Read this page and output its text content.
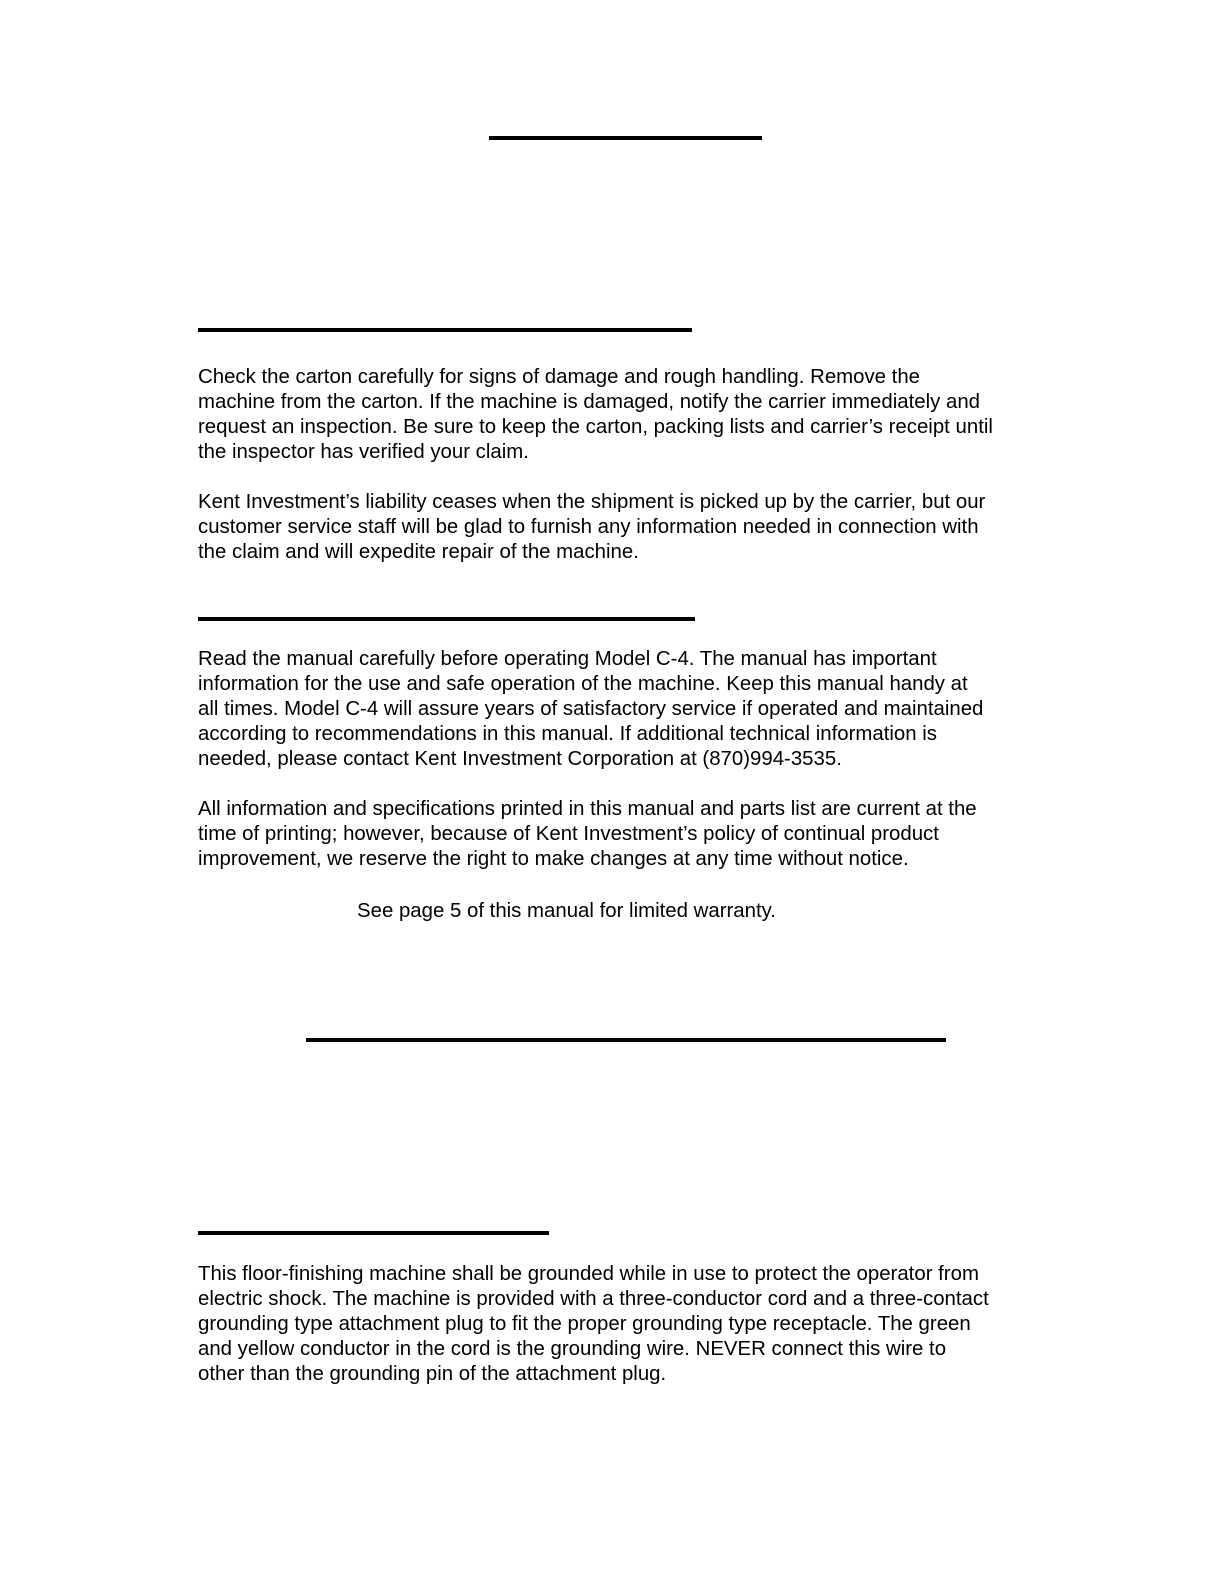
Check the carton carefully for signs of damage and rough handling. Remove the
machine from the carton. If the machine is damaged, notify the carrier immediately and
request an inspection. Be sure to keep the carton, packing lists and carrier’s receipt until
the inspector has verified your claim.

Kent Investment’s liability ceases when the shipment is picked up by the carrier, but our
customer service staff will be glad to furnish any information needed in connection with
the claim and will expedite repair of the machine.

Read the manual carefully before operating Model C-4. The manual has important
information for the use and safe operation of the machine. Keep this manual handy at
all times. Model C-4 will assure years of satisfactory service if operated and maintained
according to recommendations in this manual. If additional technical information is
needed, please contact Kent Investment Corporation at (870)994-3535.

All information and specifications printed in this manual and parts list are current at the
time of printing; however, because of Kent Investment’s policy of continual product
improvement, we reserve the right to make changes at any time without notice.

See page 5 of this manual for limited warranty.

This floor-finishing machine shall be grounded while in use to protect the operator from
electric shock. The machine is provided with a three-conductor cord and a three-contact
grounding type attachment plug to fit the proper grounding type receptacle. The green
and yellow conductor in the cord is the grounding wire. NEVER connect this wire to
other than the grounding pin of the attachment plug.
